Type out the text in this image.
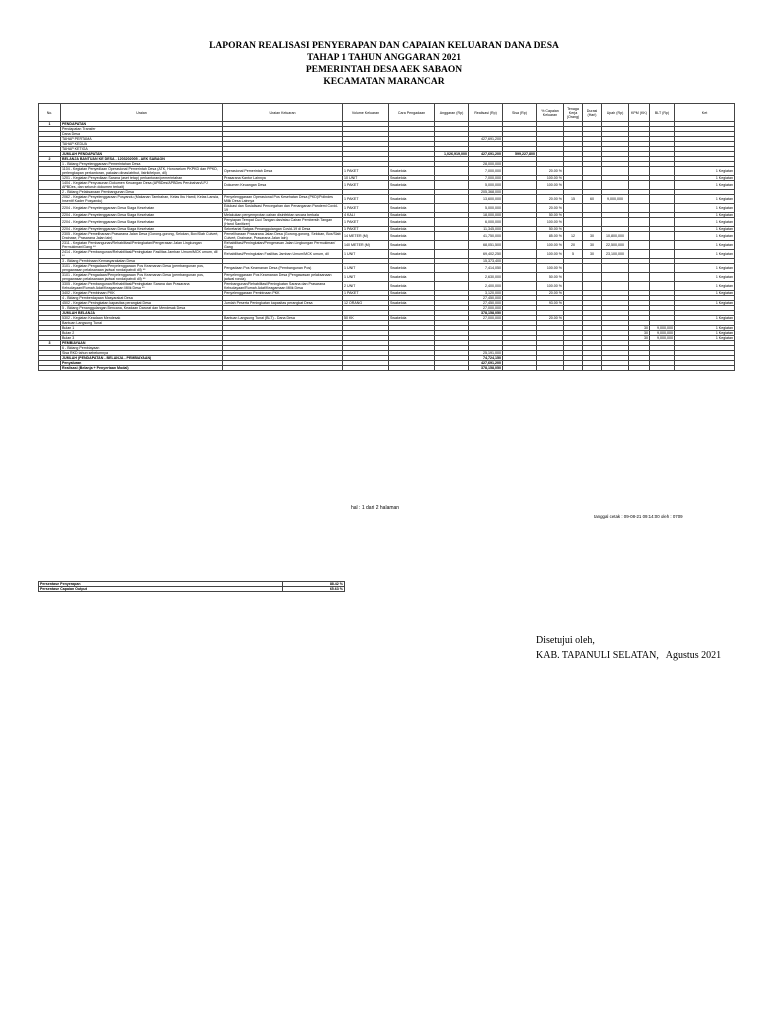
LAPORAN REALISASI PENYERAPAN DAN CAPAIAN KELUARAN DANA DESA
TAHAP 1 TAHUN ANGGARAN 2021
PEMERINTAH DESA AEK SABAON
KECAMATAN MARANCAR
No.	Uraian	Uraian Keluaran	Volume Keluaran	Cara Pengadaan	Anggaran (Rp)	Realisasi (Rp)	Sisa (Rp)	% Capaian Keluaran	Tenaga Kerja (Orang)	Durasi (Hari)	Upah (Rp)	KPM (KK)	BLT (Rp)	Ket
1	PENDAPATAN													
	Pendapatan Transfer													
	Dana Desa													
	TAHAP PERTAMA					427,691,200								
	TAHAP KEDUA													
	TAHAP KETIGA													
	JUMLAH PENDAPATAN				1,026,919,000	427,691,200	599,227,800							
2	BELANJA BANTUAN KE DESA - 1203202005 - AEK SABAON													
	1 - Bidang Penyelenggaraan Pemerintahan Desa					28,000,000								
	1104 - Kegiatan Penyediaan Operasional Pemerintah Desa (ATK, Honorarium PKPKD dan PPKD, perlengkapan perkantoran, pakaian dinas/atribut, listrik/telpon, dll)	Operasional Pemerintah Desa	1 PAKET	Swakelola		7,000,000		20.00 %						1 Kegiatan
	1201 - Kegiatan Penyediaan Sarana (aset tetap) perkantoran/pemerintahan	Prasarana Kantor Lainnya	10 UNIT	Swakelola		7,000,000		100.00 %						1 Kegiatan
	1404 - Kegiatan Penyusunan Dokumen Keuangan Desa (APBDes/APBDes Perubahan/LPJ APBDes, dan seluruh dokumen terkait)	Dokumen Keuangan Desa	1 PAKET	Swakelola		5,000,000		100.00 %						1 Kegiatan
	2 - Bidang Pelaksanaan Pembangunan Desa					205,368,000								
	2062 - Kegiatan Penyelenggaraan Posyandu (Makanan Tambahan, Kelas Ibu Hamil, Kelas Lansia, Insentif Kader Posyandu)	Penyelenggaraan Operasional Pos Kesehatan Desa (PKD)/Polindes Milik Desa Lainnya	1 PAKET	Swakelola		13,600,000		20.00 %	15	60	9,000,000			1 Kegiatan
	2204 - Kegiatan Penyelenggaraan Desa Siaga Kesehatan	Edukasi dan Sosialisasi Pencegahan dan Penanganan Pandemi Covid-19	1 PAKET	Swakelola		5,000,000		20.00 %						1 Kegiatan
	2204 - Kegiatan Penyelenggaraan Desa Siaga Kesehatan	Melakukan penyemprotan cairan disinfektan secara berkala	4 KALI	Swakelola		18,000,000		50.00 %						1 Kegiatan
	2204 - Kegiatan Penyelenggaraan Desa Siaga Kesehatan	Penyiapan Tempat Cuci Tangan dan/atau Cairan Pembersih Tangan (Hand Sanitizer)	1 PAKET	Swakelola		6,000,000		100.00 %						1 Kegiatan
	2204 - Kegiatan Penyelenggaraan Desa Siaga Kesehatan	Sekretariat Satgas Penanggulangan Covid-19 di Desa	1 PAKET	Swakelola		11,345,000		50.00 %						1 Kegiatan
	2305 - Kegiatan Pemeliharaan Prasarana Jalan Desa (Gorong-gorong, Selokan, Box/Slab Culvert, Drainase, Prasarana Jalan lain)	Pemeliharaan Prasarana Jalan Desa (Gorong-gorong, Selokan, Box/Slab Culvert, Drainase, Prasarana Jalan lain)	14 METER (M)	Swakelola		41,750,000		85.00 %	12	30	10,800,000			1 Kegiatan
	2311 - Kegiatan Pembangunan/Rehabilitasi/Peningkatan/Pengerasan Jalan Lingkungan Permukiman/Gang **	Rehabilitasi/Peningkatan/Pengerasan Jalan Lingkungan Permukiman/ Gang	140 METER (M)	Swakelola		68,051,500		100.00 %	20	30	22,500,000			1 Kegiatan
	2414 - Kegiatan Pembangunan/Rehabilitasi/Peningkatan Fasilitas Jamban Umum/MCK umum, dll **	Rehabilitasi/Peningkatan Fasilitas Jamban Umum/MCK umum, dll	1 UNIT	Swakelola		69,402,250		100.00 %	5	30	23,100,000			1 Kegiatan
	3 - Bidang Pembinaan Kemasyarakatan Desa					15,373,400								
	3101 - Kegiatan Pengadaan/Penyelenggaraan Pos Keamanan Desa (pembangunan pos, pengawasan pelaksanaan jadwal ronda/patroli dll) **	Pengadaan Pos Keamanan Desa (Pembangunan Pos)	1 UNIT	Swakelola		7,414,050		100.00 %						1 Kegiatan
	3101 - Kegiatan Pengadaan/Penyelenggaraan Pos Keamanan Desa (pembangunan pos, pengawasan pelaksanaan jadwal ronda/patroli dll) **	Penyelenggaraan Pos Keamanan Desa (Pengawasan pelaksanaan jadwal ronda)	1 UNIT	Swakelola		2,630,000		50.00 %						1 Kegiatan
	3305 - Kegiatan Pembangunan/Rehabilitasi/Peningkatan Sarana dan Prasarana Kebudayaan/Rumah Adat/Keagamaan Milik Desa **	Pembangunan/Rehabilitasi/Peningkatan Sarana dan Prasarana Kebudayaan/Rumah Adat/Keagamaan Milik Desa	2 UNIT	Swakelola		2,400,000		100.00 %						1 Kegiatan
	3402 - Kegiatan Pembinaan PKK	Penyelenggaraan Pembinaan PKK	1 PAKET	Swakelola		3,120,000		20.00 %						1 Kegiatan
	4 - Bidang Pemberdayaan Masyarakat Desa					27,450,000								
	4502 - Kegiatan Peningkatan kapasitas perangkat Desa	Jumlah Peserta Peningkatan kapasitas perangkat Desa	12 ORANG	Swakelola		27,450,000		93.00 %						1 Kegiatan
	5 - Bidang Penanggulangan Bencana, Keadaan Darurat dan Mendesak Desa					27,000,000								
	JUMLAH BELANJA					378,158,050								
	5302 - Kegiatan Keadaan Mendesak	Bantuan Langsung Tunai (BLT) - Dana Desa	50 KK	Swakelola		27,000,000		20.00 %						1 Kegiatan
	Bantuan Langsung Tunai													
	Bulan 1											30	9,000,000	1 Kegiatan
	Bulan 2											30	9,000,000	1 Kegiatan
	Bulan 3											30	9,000,000	1 Kegiatan
3	PEMBIAYAAN													
	6 - Bidang Pembiayaan													
	Sisa RKD tahun sebelumnya					25,191,000								
	JUMLAH (PENDAPATAN - BELANJA - PEMBIAYAAN)					74,724,150								
	Penyaluran					427,691,200								
	Realisasi (Belanja + Penyertaan Modal)					378,158,050								
hal : 1 dari 2 halaman
tanggal cetak : 09-08-21 09:14:00 oleh : 0709
Persentase Penyerapan	88.42 %
Persentase Capaian Output	65.63 %
Disetujui oleh,
KAB. TAPANULI SELATAN,   Agustus 2021
